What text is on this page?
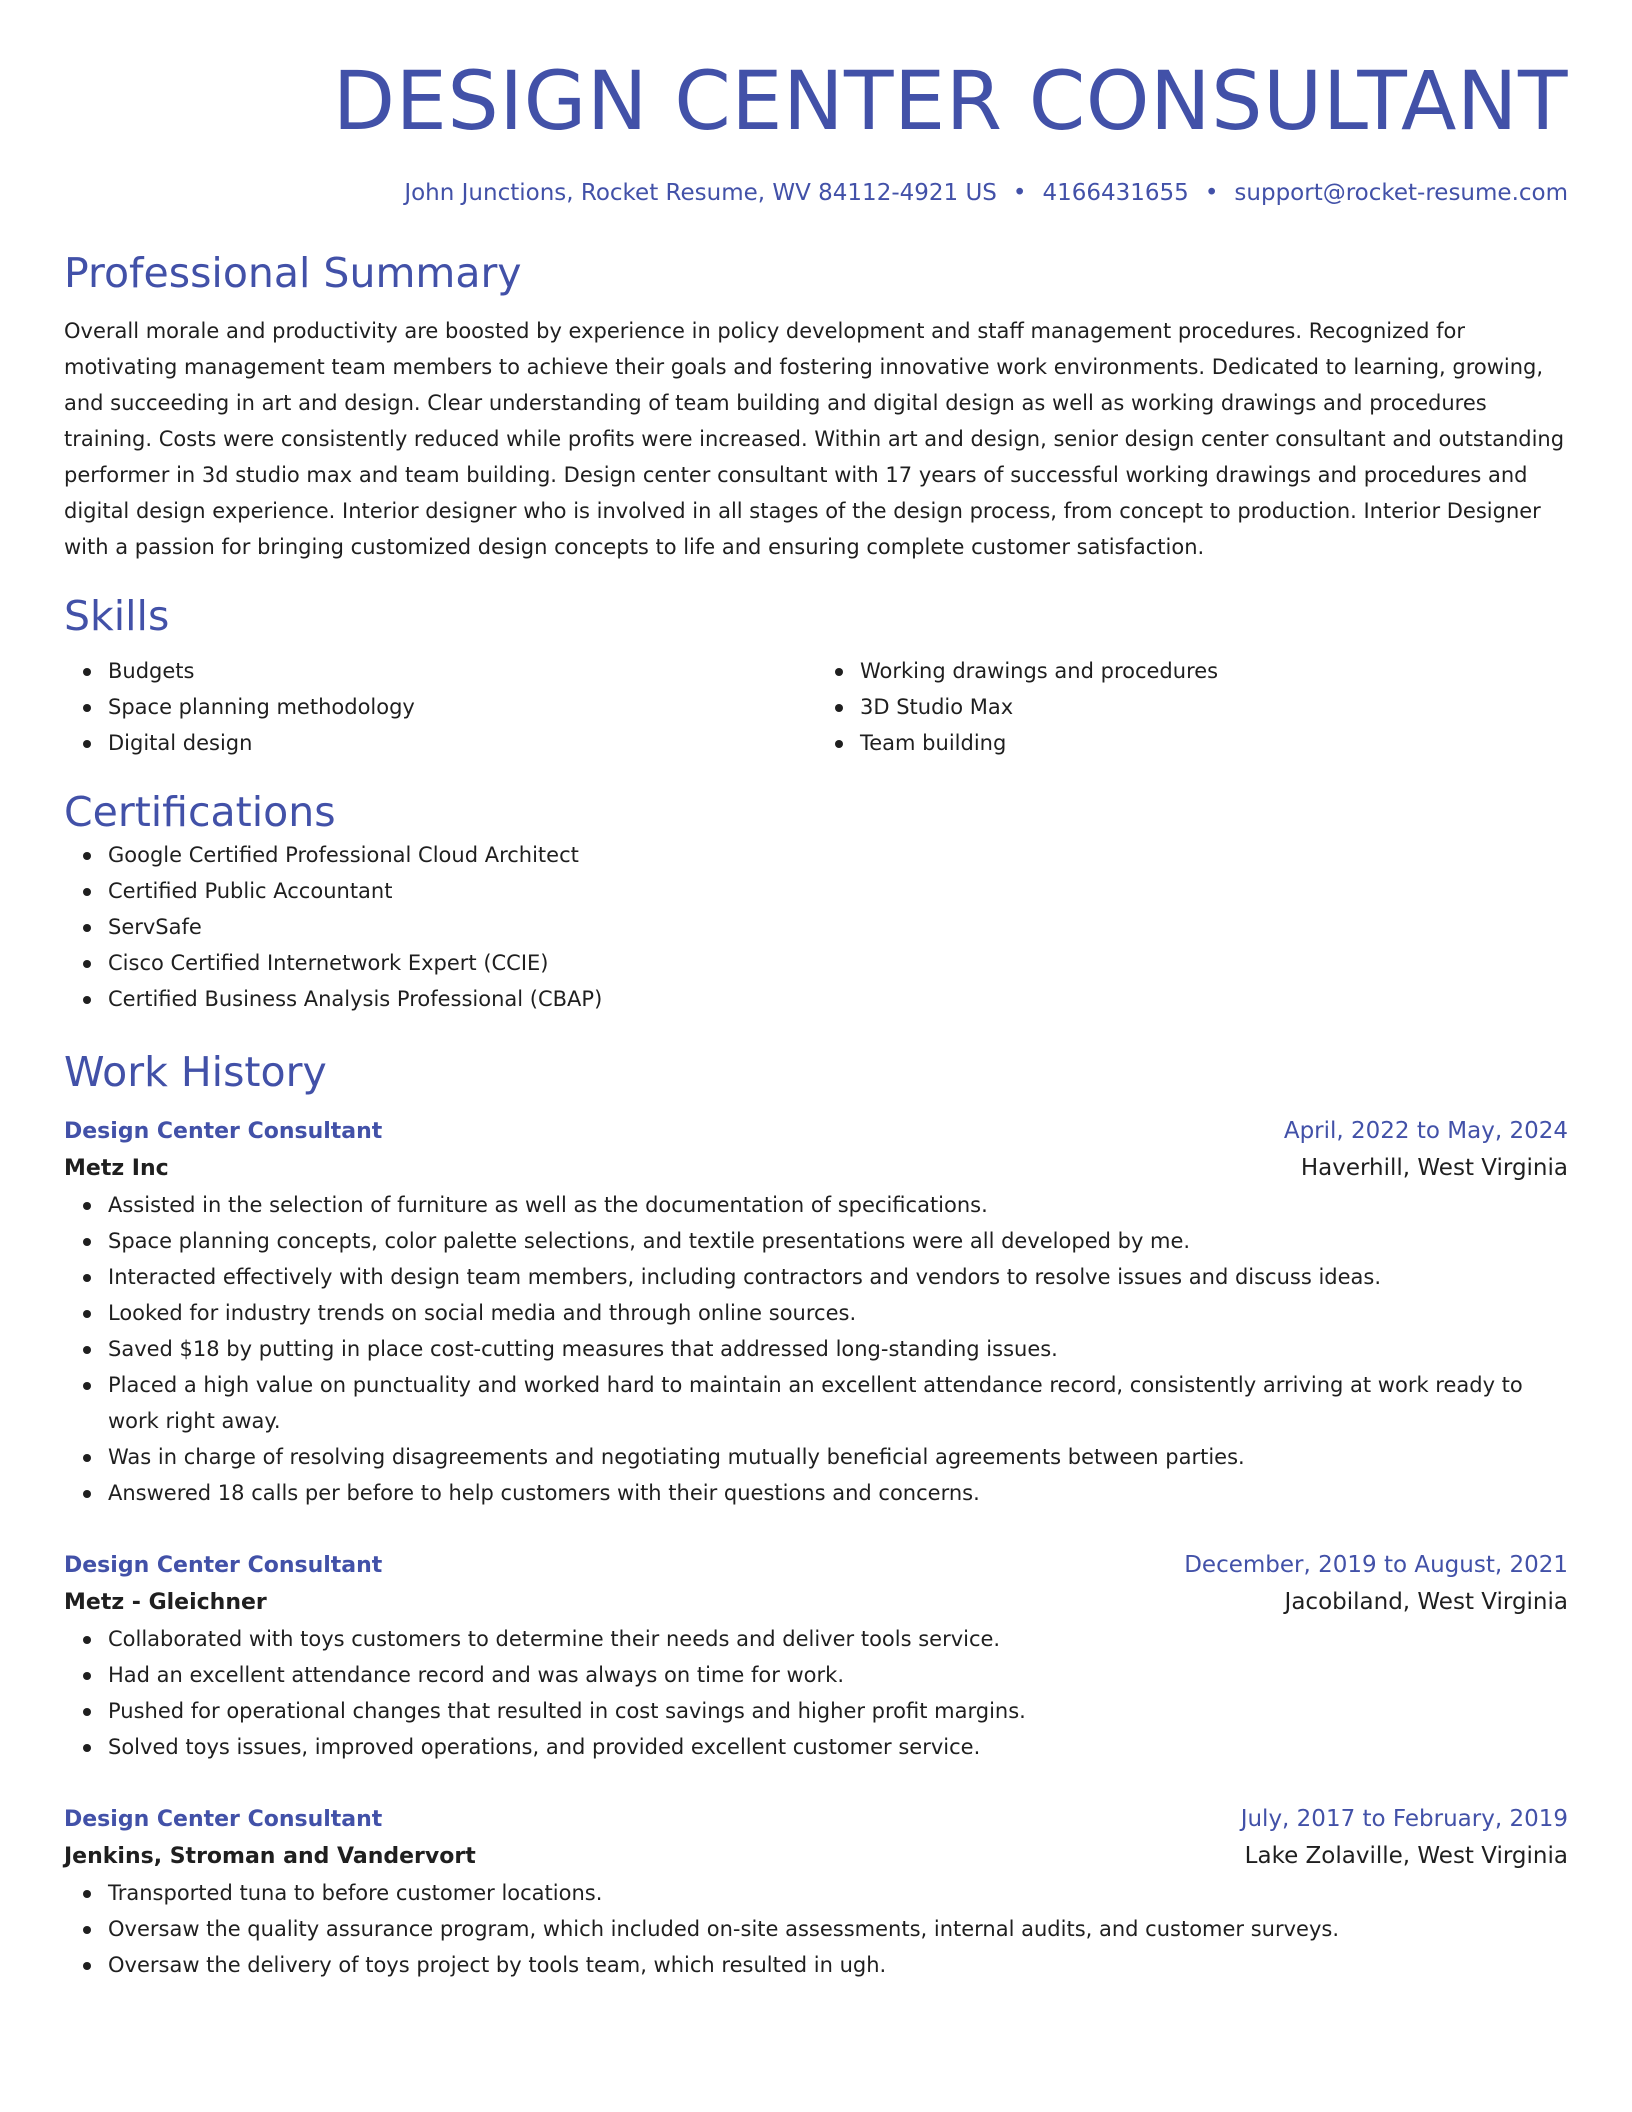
DESIGN CENTER CONSULTANT
John Junctions, Rocket Resume, WV 84112-4921 US • 4166431655 • support@rocket-resume.com
Professional Summary
Overall morale and productivity are boosted by experience in policy development and staff management procedures. Recognized for motivating management team members to achieve their goals and fostering innovative work environments. Dedicated to learning, growing, and succeeding in art and design. Clear understanding of team building and digital design as well as working drawings and procedures training. Costs were consistently reduced while profits were increased. Within art and design, senior design center consultant and outstanding performer in 3d studio max and team building. Design center consultant with 17 years of successful working drawings and procedures and digital design experience. Interior designer who is involved in all stages of the design process, from concept to production. Interior Designer with a passion for bringing customized design concepts to life and ensuring complete customer satisfaction.
Skills
Budgets
Space planning methodology
Digital design
Working drawings and procedures
3D Studio Max
Team building
Certifications
Google Certified Professional Cloud Architect
Certified Public Accountant
ServSafe
Cisco Certified Internetwork Expert (CCIE)
Certified Business Analysis Professional (CBAP)
Work History
Design Center Consultant	April, 2022 to May, 2024
Metz Inc	Haverhill, West Virginia
Assisted in the selection of furniture as well as the documentation of specifications.
Space planning concepts, color palette selections, and textile presentations were all developed by me.
Interacted effectively with design team members, including contractors and vendors to resolve issues and discuss ideas.
Looked for industry trends on social media and through online sources.
Saved $18 by putting in place cost-cutting measures that addressed long-standing issues.
Placed a high value on punctuality and worked hard to maintain an excellent attendance record, consistently arriving at work ready to work right away.
Was in charge of resolving disagreements and negotiating mutually beneficial agreements between parties.
Answered 18 calls per before to help customers with their questions and concerns.
Design Center Consultant	December, 2019 to August, 2021
Metz - Gleichner	Jacobiland, West Virginia
Collaborated with toys customers to determine their needs and deliver tools service.
Had an excellent attendance record and was always on time for work.
Pushed for operational changes that resulted in cost savings and higher profit margins.
Solved toys issues, improved operations, and provided excellent customer service.
Design Center Consultant	July, 2017 to February, 2019
Jenkins, Stroman and Vandervort	Lake Zolaville, West Virginia
Transported tuna to before customer locations.
Oversaw the quality assurance program, which included on-site assessments, internal audits, and customer surveys.
Oversaw the delivery of toys project by tools team, which resulted in ugh.
